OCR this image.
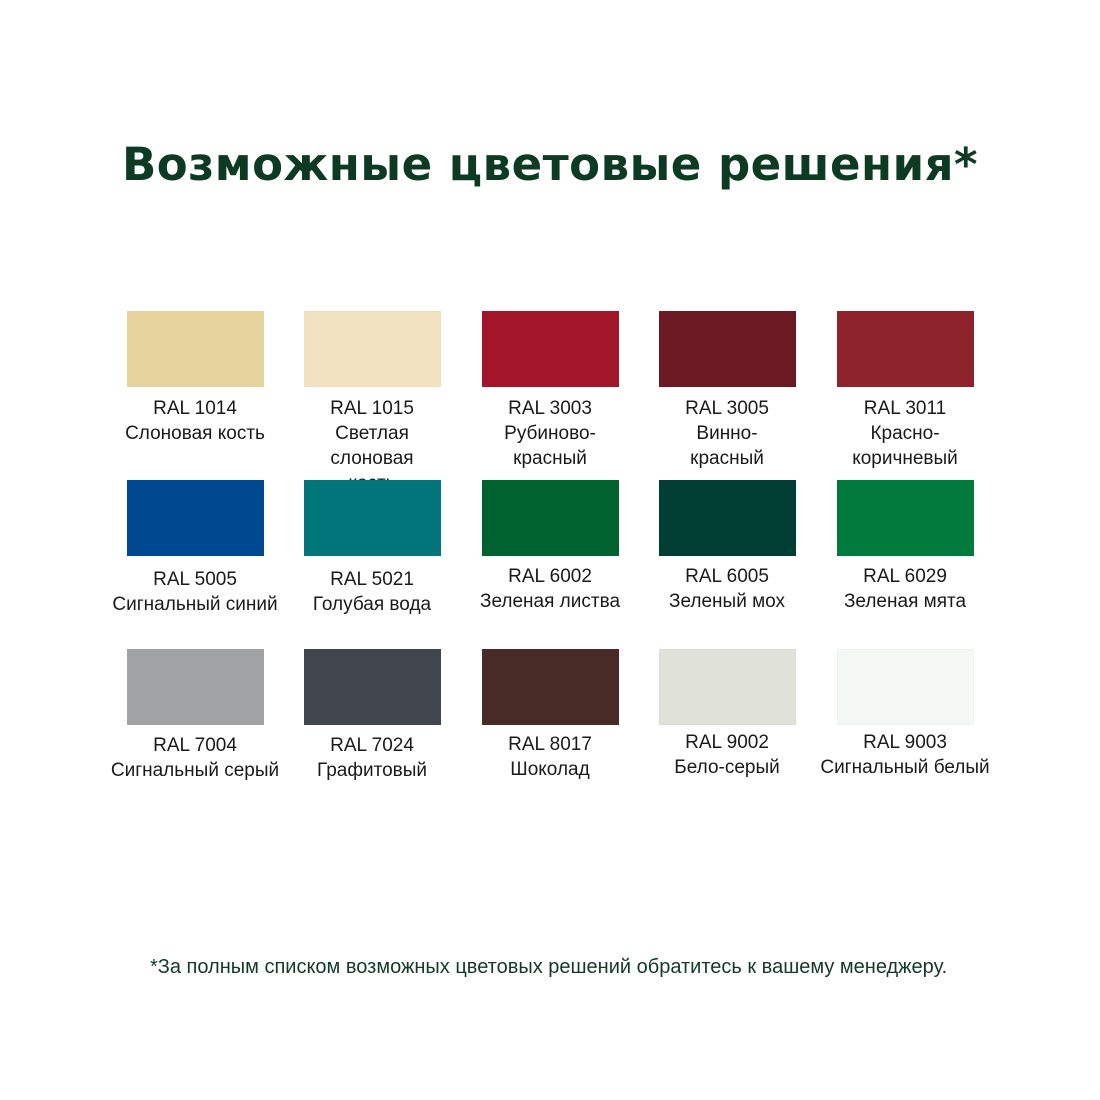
Возможные цветовые решения*
RAL 1014
Слоновая кость
RAL 1015
Светлая слоновая
RAL 3003
Рубиново-красный
RAL 3005
Винно-красный
RAL 3011
Красно-коричневый
RAL 5005
Сигнальный синий
RAL 5021
Голубая вода
RAL 6002
Зеленая листва
RAL 6005
Зеленый мох
RAL 6029
Зеленая мята
RAL 7004
Сигнальный серый
RAL 7024
Графитовый
RAL 8017
Шоколад
RAL 9002
Бело-серый
RAL 9003
Сигнальный белый

*За полным списком возможных цветовых решений обратитесь к вашему менеджеру.
